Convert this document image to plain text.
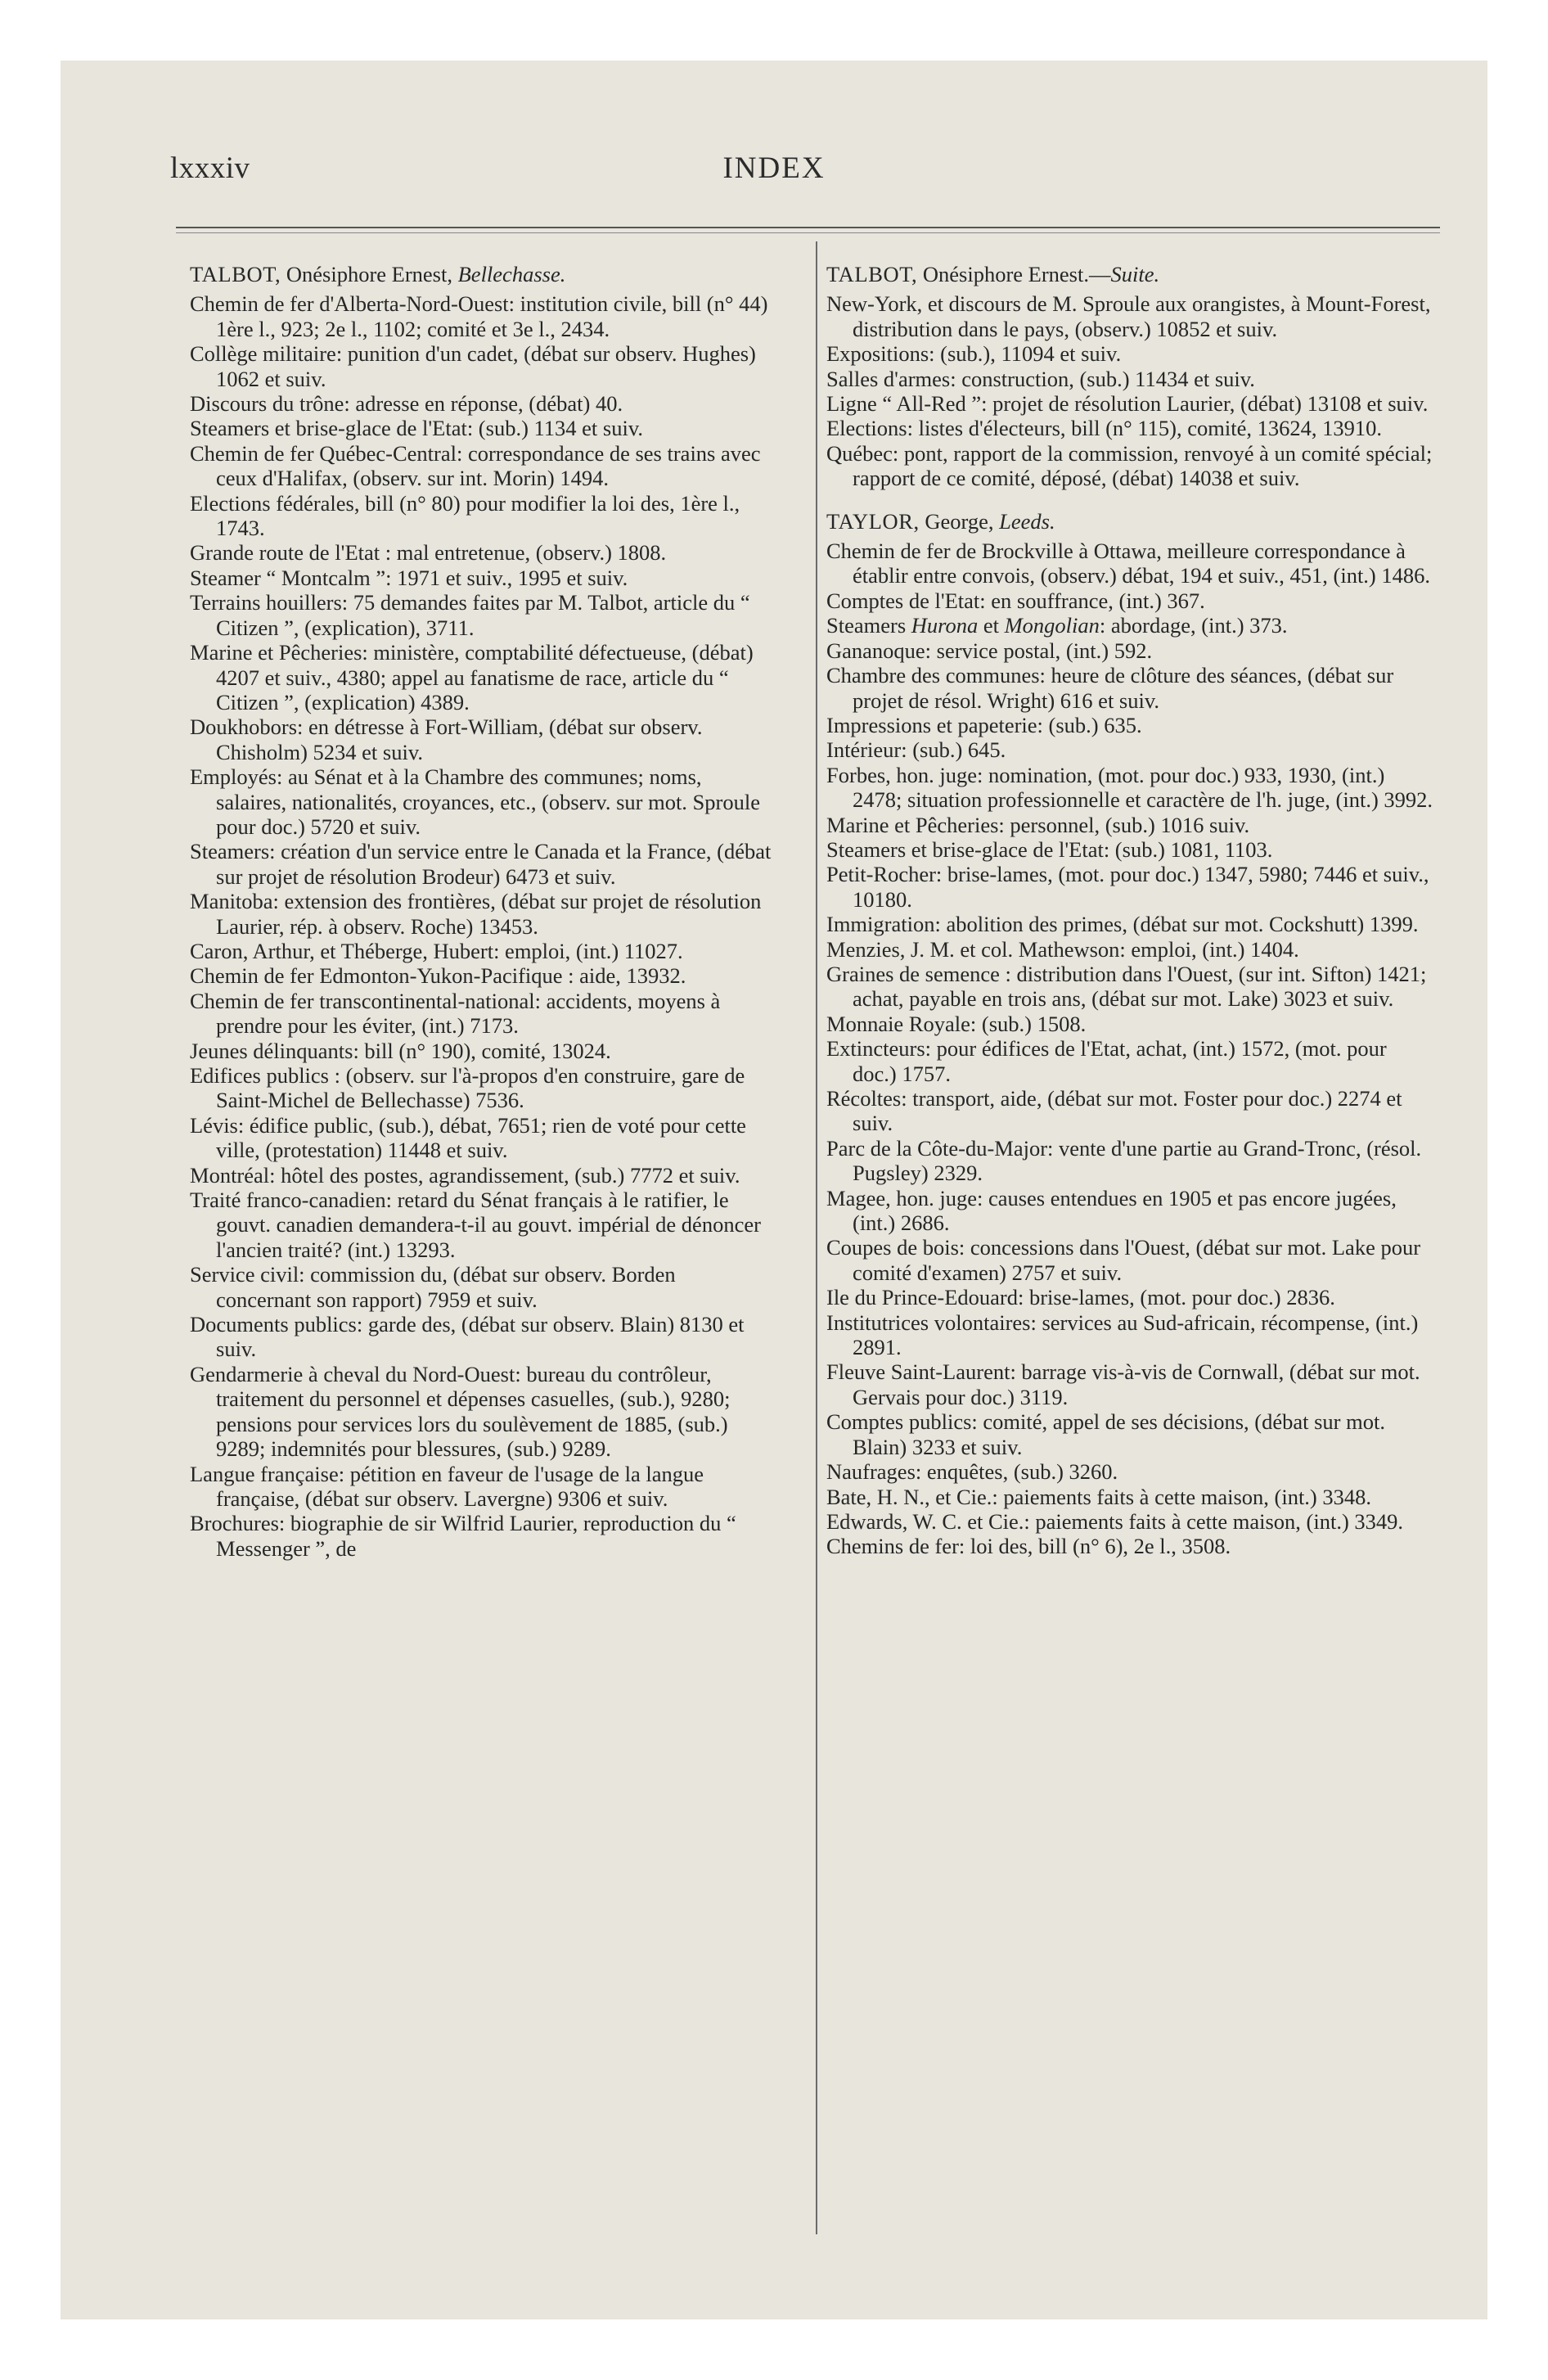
lxxxiv	INDEX

TALBOT, Onésiphore Ernest, Bellechasse.

Chemin de fer d'Alberta-Nord-Ouest: institution civile, bill (n° 44) 1ère l., 923; 2e l., 1102; comité et 3e l., 2434.

Collège militaire: punition d'un cadet, (débat sur observ. Hughes) 1062 et suiv.

Discours du trône: adresse en réponse, (débat) 40.

Steamers et brise-glace de l'Etat: (sub.) 1134 et suiv.

Chemin de fer Québec-Central: correspondance de ses trains avec ceux d'Halifax, (observ. sur int. Morin) 1494.

Elections fédérales, bill (n° 80) pour modifier la loi des, 1ère l., 1743.

Grande route de l'Etat : mal entretenue, (observ.) 1808.

Steamer “ Montcalm ”: 1971 et suiv., 1995 et suiv.

Terrains houillers: 75 demandes faites par M. Talbot, article du “ Citizen ”, (explication), 3711.

Marine et Pêcheries: ministère, comptabilité défectueuse, (débat) 4207 et suiv., 4380; appel au fanatisme de race, article du “ Citizen ”, (explication) 4389.

Doukhobors: en détresse à Fort-William, (débat sur observ. Chisholm) 5234 et suiv.

Employés: au Sénat et à la Chambre des communes; noms, salaires, nationalités, croyances, etc., (observ. sur mot. Sproule pour doc.) 5720 et suiv.

Steamers: création d'un service entre le Canada et la France, (débat sur projet de résolution Brodeur) 6473 et suiv.

Manitoba: extension des frontières, (débat sur projet de résolution Laurier, rép. à observ. Roche) 13453.

Caron, Arthur, et Théberge, Hubert: emploi, (int.) 11027.

Chemin de fer Edmonton-Yukon-Pacifique : aide, 13932.

Chemin de fer transcontinental-national: accidents, moyens à prendre pour les éviter, (int.) 7173.

Jeunes délinquants: bill (n° 190), comité, 13024.

Edifices publics : (observ. sur l'à-propos d'en construire, gare de Saint-Michel de Bellechasse) 7536.

Lévis: édifice public, (sub.), débat, 7651; rien de voté pour cette ville, (protestation) 11448 et suiv.

Montréal: hôtel des postes, agrandissement, (sub.) 7772 et suiv.

Traité franco-canadien: retard du Sénat français à le ratifier, le gouvt. canadien demandera-t-il au gouvt. impérial de dénoncer l'ancien traité? (int.) 13293.

Service civil: commission du, (débat sur observ. Borden concernant son rapport) 7959 et suiv.

Documents publics: garde des, (débat sur observ. Blain) 8130 et suiv.

Gendarmerie à cheval du Nord-Ouest: bureau du contrôleur, traitement du personnel et dépenses casuelles, (sub.), 9280; pensions pour services lors du soulèvement de 1885, (sub.) 9289; indemnités pour blessures, (sub.) 9289.

Langue française: pétition en faveur de l'usage de la langue française, (débat sur observ. Lavergne) 9306 et suiv.

Brochures: biographie de sir Wilfrid Laurier, reproduction du “ Messenger ”, de

TALBOT, Onésiphore Ernest.—Suite.

New-York, et discours de M. Sproule aux orangistes, à Mount-Forest, distribution dans le pays, (observ.) 10852 et suiv.

Expositions: (sub.), 11094 et suiv.

Salles d'armes: construction, (sub.) 11434 et suiv.

Ligne “ All-Red ”: projet de résolution Laurier, (débat) 13108 et suiv.

Elections: listes d'électeurs, bill (n° 115), comité, 13624, 13910.

Québec: pont, rapport de la commission, renvoyé à un comité spécial; rapport de ce comité, déposé, (débat) 14038 et suiv.

TAYLOR, George, Leeds.

Chemin de fer de Brockville à Ottawa, meilleure correspondance à établir entre convois, (observ.) débat, 194 et suiv., 451, (int.) 1486.

Comptes de l'Etat: en souffrance, (int.) 367.

Steamers Hurona et Mongolian: abordage, (int.) 373.

Gananoque: service postal, (int.) 592.

Chambre des communes: heure de clôture des séances, (débat sur projet de résol. Wright) 616 et suiv.

Impressions et papeterie: (sub.) 635.

Intérieur: (sub.) 645.

Forbes, hon. juge: nomination, (mot. pour doc.) 933, 1930, (int.) 2478; situation professionnelle et caractère de l'h. juge, (int.) 3992.

Marine et Pêcheries: personnel, (sub.) 1016 suiv.

Steamers et brise-glace de l'Etat: (sub.) 1081, 1103.

Petit-Rocher: brise-lames, (mot. pour doc.) 1347, 5980; 7446 et suiv., 10180.

Immigration: abolition des primes, (débat sur mot. Cockshutt) 1399.

Menzies, J. M. et col. Mathewson: emploi, (int.) 1404.

Graines de semence : distribution dans l'Ouest, (sur int. Sifton) 1421; achat, payable en trois ans, (débat sur mot. Lake) 3023 et suiv.

Monnaie Royale: (sub.) 1508.

Extincteurs: pour édifices de l'Etat, achat, (int.) 1572, (mot. pour doc.) 1757.

Récoltes: transport, aide, (débat sur mot. Foster pour doc.) 2274 et suiv.

Parc de la Côte-du-Major: vente d'une partie au Grand-Tronc, (résol. Pugsley) 2329.

Magee, hon. juge: causes entendues en 1905 et pas encore jugées, (int.) 2686.

Coupes de bois: concessions dans l'Ouest, (débat sur mot. Lake pour comité d'examen) 2757 et suiv.

Ile du Prince-Edouard: brise-lames, (mot. pour doc.) 2836.

Institutrices volontaires: services au Sud-africain, récompense, (int.) 2891.

Fleuve Saint-Laurent: barrage vis-à-vis de Cornwall, (débat sur mot. Gervais pour doc.) 3119.

Comptes publics: comité, appel de ses décisions, (débat sur mot. Blain) 3233 et suiv.

Naufrages: enquêtes, (sub.) 3260.

Bate, H. N., et Cie.: paiements faits à cette maison, (int.) 3348.

Edwards, W. C. et Cie.: paiements faits à cette maison, (int.) 3349.

Chemins de fer: loi des, bill (n° 6), 2e l., 3508.
